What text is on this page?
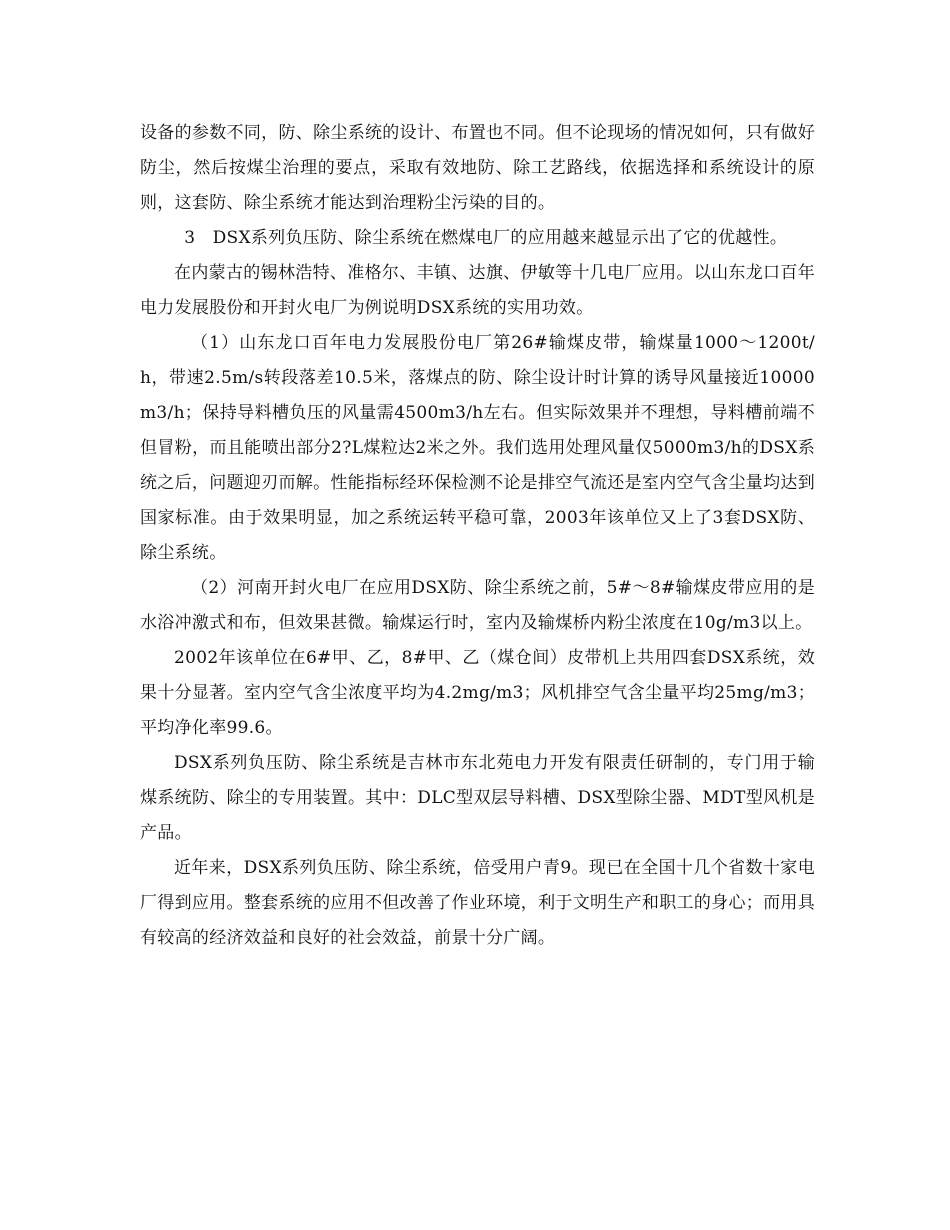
设备的参数不同，防、除尘系统的设计、布置也不同。但不论现场的情况如何，只有做好防尘，然后按煤尘治理的要点，采取有效地防、除工艺路线，依据选择和系统设计的原则，这套防、除尘系统才能达到治理粉尘污染的目的。

3　DSX系列负压防、除尘系统在燃煤电厂的应用越来越显示出了它的优越性。

在内蒙古的锡林浩特、准格尔、丰镇、达旗、伊敏等十几电厂应用。以山东龙口百年电力发展股份和开封火电厂为例说明DSX系统的实用功效。

（1）山东龙口百年电力发展股份电厂第26#输煤皮带，输煤量1000～1200t/h，带速2.5m/s转段落差10.5米，落煤点的防、除尘设计时计算的诱导风量接近10000m3/h；保持导料槽负压的风量需4500m3/h左右。但实际效果并不理想，导料槽前端不但冒粉，而且能喷出部分2?L煤粒达2米之外。我们选用处理风量仅5000m3/h的DSX系统之后，问题迎刃而解。性能指标经环保检测不论是排空气流还是室内空气含尘量均达到国家标准。由于效果明显，加之系统运转平稳可靠，2003年该单位又上了3套DSX防、除尘系统。

（2）河南开封火电厂在应用DSX防、除尘系统之前，5#～8#输煤皮带应用的是水浴冲激式和布，但效果甚微。输煤运行时，室内及输煤桥内粉尘浓度在10g/m3以上。

2002年该单位在6#甲、乙，8#甲、乙（煤仓间）皮带机上共用四套DSX系统，效果十分显著。室内空气含尘浓度平均为4.2mg/m3；风机排空气含尘量平均25mg/m3；平均净化率99.6。

DSX系列负压防、除尘系统是吉林市东北苑电力开发有限责任研制的，专门用于输煤系统防、除尘的专用装置。其中：DLC型双层导料槽、DSX型除尘器、MDT型风机是产品。

近年来，DSX系列负压防、除尘系统，倍受用户青9。现已在全国十几个省数十家电厂得到应用。整套系统的应用不但改善了作业环境，利于文明生产和职工的身心；而用具有较高的经济效益和良好的社会效益，前景十分广阔。
